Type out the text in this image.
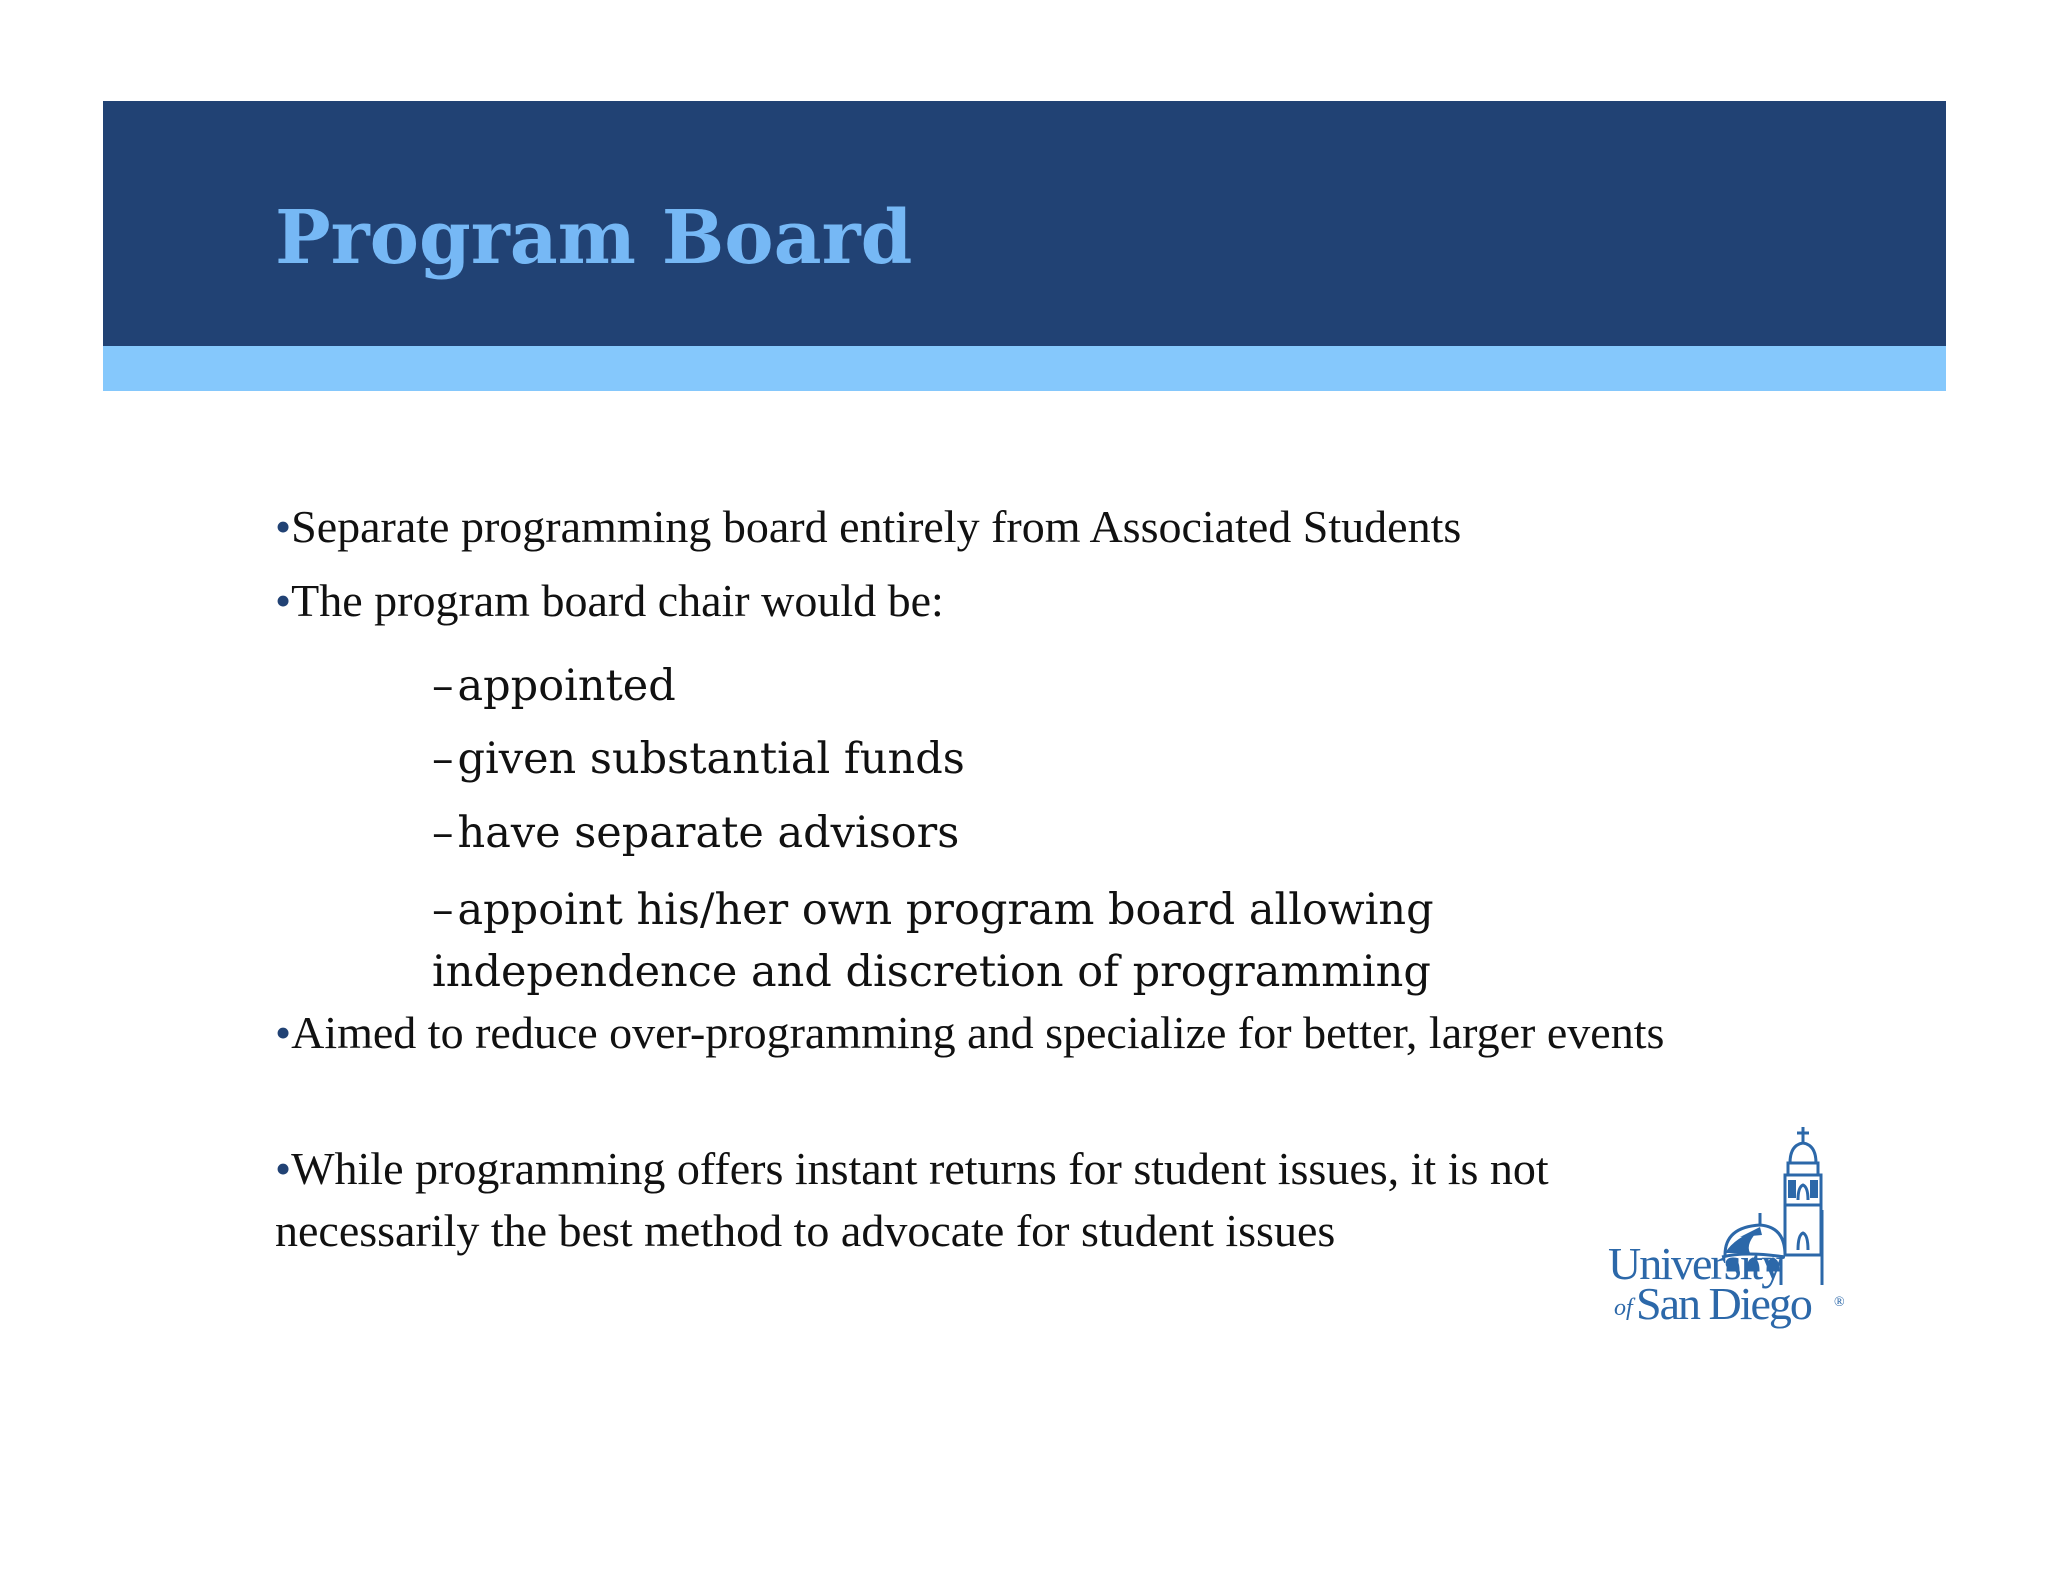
Program Board
•Separate programming board entirely from Associated Students
•The program board chair would be:
–appointed
–given substantial funds
–have separate advisors
–appoint his/her own program board allowing independence and discretion of programming
•Aimed to reduce over-programming and specialize for better, larger events
•While programming offers instant returns for student issues, it is not necessarily the best method to advocate for student issues
University
of San Diego ®
